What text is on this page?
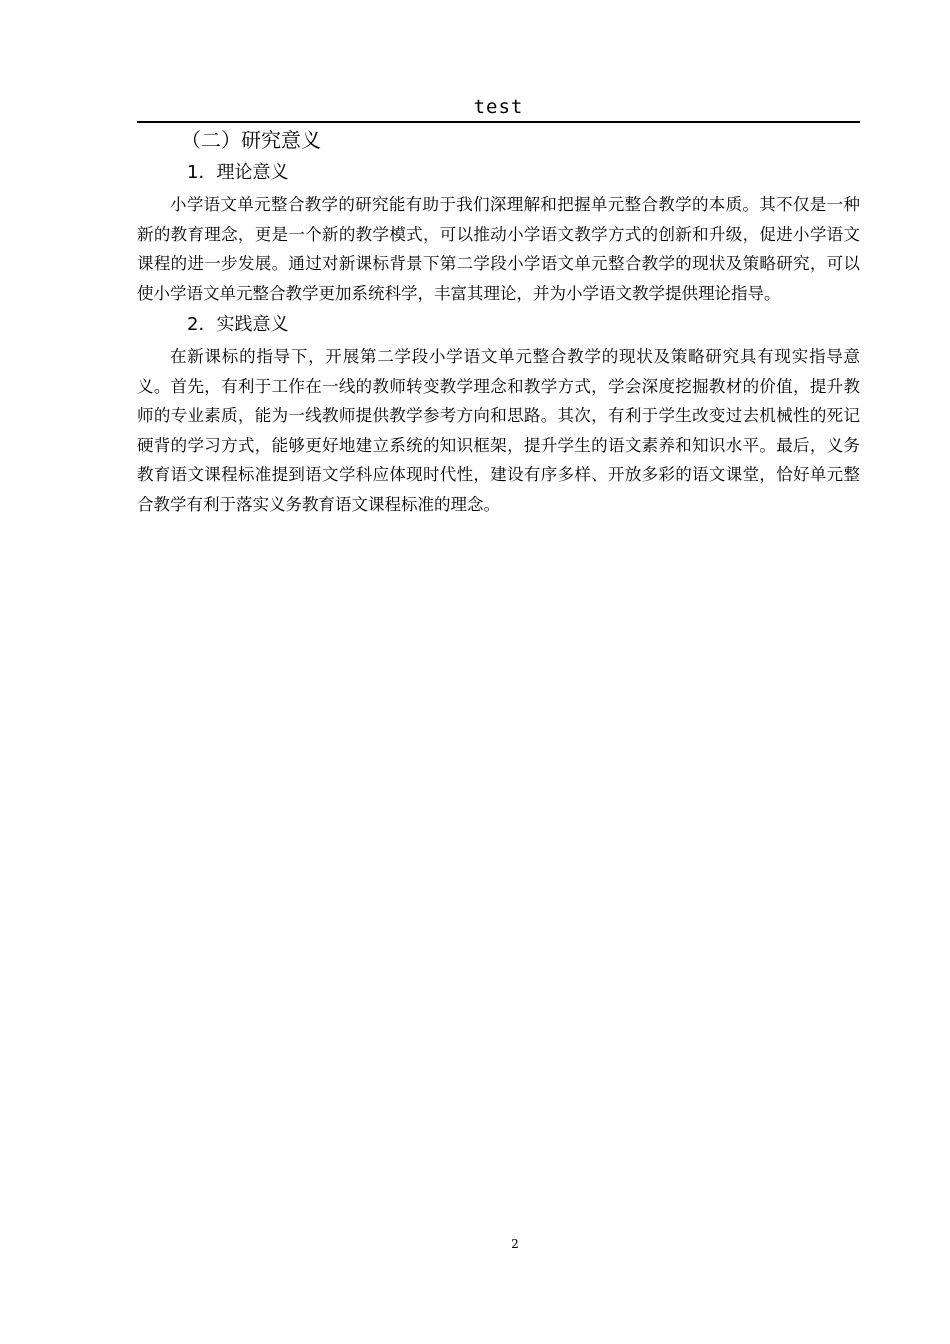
test
（二）研究意义
1．理论意义

小学语文单元整合教学的研究能有助于我们深理解和把握单元整合教学的本质。其不仅是一种新的教育理念，更是一个新的教学模式，可以推动小学语文教学方式的创新和升级，促进小学语文课程的进一步发展。通过对新课标背景下第二学段小学语文单元整合教学的现状及策略研究，可以使小学语文单元整合教学更加系统科学，丰富其理论，并为小学语文教学提供理论指导。

2．实践意义

在新课标的指导下，开展第二学段小学语文单元整合教学的现状及策略研究具有现实指导意义。首先，有利于工作在一线的教师转变教学理念和教学方式，学会深度挖掘教材的价值，提升教师的专业素质，能为一线教师提供教学参考方向和思路。其次，有利于学生改变过去机械性的死记硬背的学习方式，能够更好地建立系统的知识框架，提升学生的语文素养和知识水平。最后，义务教育语文课程标准提到语文学科应体现时代性，建设有序多样、开放多彩的语文课堂，恰好单元整合教学有利于落实义务教育语文课程标准的理念。

2
